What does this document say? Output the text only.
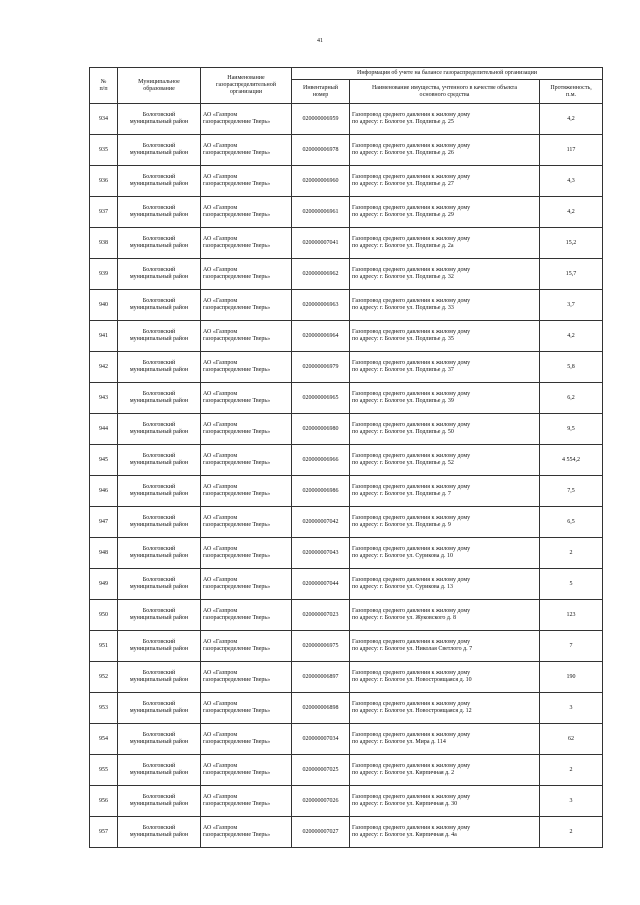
41
№
п/п	Муниципальное
образование	Наименование
газораспределительной
организации	Информация об учете на балансе газораспределительной организации		
			Инвентарный
номер	Наименование имущества, учтенного в качестве объекта
основного средства	Протяженность,
п.м.
934	Бологовский
муниципальный район	АО «Газпром
газораспределение Тверь»	020000006959	Газопровод среднего давления к жилому дому
по адресу: г. Бологое ул. Подлипье д. 25	4,2
935	Бологовский
муниципальный район	АО «Газпром
газораспределение Тверь»	020000006978	Газопровод среднего давления к жилому дому
по адресу: г. Бологое ул. Подлипье д. 26	117
936	Бологовский
муниципальный район	АО «Газпром
газораспределение Тверь»	020000006960	Газопровод среднего давления к жилому дому
по адресу: г. Бологое ул. Подлипье д. 27	4,3
937	Бологовский
муниципальный район	АО «Газпром
газораспределение Тверь»	020000006961	Газопровод среднего давления к жилому дому
по адресу: г. Бологое ул. Подлипье д. 29	4,2
938	Бологовский
муниципальный район	АО «Газпром
газораспределение Тверь»	020000007041	Газопровод среднего давления к жилому дому
по адресу: г. Бологое ул. Подлипье д. 2а	15,2
939	Бологовский
муниципальный район	АО «Газпром
газораспределение Тверь»	020000006962	Газопровод среднего давления к жилому дому
по адресу: г. Бологое ул. Подлипье д. 32	15,7
940	Бологовский
муниципальный район	АО «Газпром
газораспределение Тверь»	020000006963	Газопровод среднего давления к жилому дому
по адресу: г. Бологое ул. Подлипье д. 33	3,7
941	Бологовский
муниципальный район	АО «Газпром
газораспределение Тверь»	020000006964	Газопровод среднего давления к жилому дому
по адресу: г. Бологое ул. Подлипье д. 35	4,2
942	Бологовский
муниципальный район	АО «Газпром
газораспределение Тверь»	020000006979	Газопровод среднего давления к жилому дому
по адресу: г. Бологое ул. Подлипье д. 37	5,8
943	Бологовский
муниципальный район	АО «Газпром
газораспределение Тверь»	020000006965	Газопровод среднего давления к жилому дому
по адресу: г. Бологое ул. Подлипье д. 39	6,2
944	Бологовский
муниципальный район	АО «Газпром
газораспределение Тверь»	020000006980	Газопровод среднего давления к жилому дому
по адресу: г. Бологое ул. Подлипье д. 50	9,5
945	Бологовский
муниципальный район	АО «Газпром
газораспределение Тверь»	020000006966	Газопровод среднего давления к жилому дому
по адресу: г. Бологое ул. Подлипье д. 52	4 554,2
946	Бологовский
муниципальный район	АО «Газпром
газораспределение Тверь»	020000006986	Газопровод среднего давления к жилому дому
по адресу: г. Бологое ул. Подлипье д. 7	7,5
947	Бологовский
муниципальный район	АО «Газпром
газораспределение Тверь»	020000007042	Газопровод среднего давления к жилому дому
по адресу: г. Бологое ул. Подлипье д. 9	6,5
948	Бологовский
муниципальный район	АО «Газпром
газораспределение Тверь»	020000007043	Газопровод среднего давления к жилому дому
по адресу: г. Бологое ул. Сурикова д. 10	2
949	Бологовский
муниципальный район	АО «Газпром
газораспределение Тверь»	020000007044	Газопровод среднего давления к жилому дому
по адресу: г. Бологое ул. Сурикова д. 13	5
950	Бологовский
муниципальный район	АО «Газпром
газораспределение Тверь»	020000007023	Газопровод среднего давления к жилому дому
по адресу: г. Бологое ул. Жуковского д. 8	123
951	Бологовский
муниципальный район	АО «Газпром
газораспределение Тверь»	020000006975	Газопровод среднего давления к жилому дому
по адресу: г. Бологое ул. Николая Светлого д. 7	7
952	Бологовский
муниципальный район	АО «Газпром
газораспределение Тверь»	020000006897	Газопровод среднего давления к жилому дому
по адресу: г. Бологое ул. Новостроящаяся д. 10	190
953	Бологовский
муниципальный район	АО «Газпром
газораспределение Тверь»	020000006898	Газопровод среднего давления к жилому дому
по адресу: г. Бологое ул. Новостроящаяся д. 12	3
954	Бологовский
муниципальный район	АО «Газпром
газораспределение Тверь»	020000007034	Газопровод среднего давления к жилому дому
по адресу: г. Бологое ул. Мира д. 114	62
955	Бологовский
муниципальный район	АО «Газпром
газораспределение Тверь»	020000007025	Газопровод среднего давления к жилому дому
по адресу: г. Бологое ул. Кирпичная д. 2	2
956	Бологовский
муниципальный район	АО «Газпром
газораспределение Тверь»	020000007026	Газопровод среднего давления к жилому дому
по адресу: г. Бологое ул. Кирпичная д. 30	3
957	Бологовский
муниципальный район	АО «Газпром
газораспределение Тверь»	020000007027	Газопровод среднего давления к жилому дому
по адресу: г. Бологое ул. Кирпичная д. 4а	2
